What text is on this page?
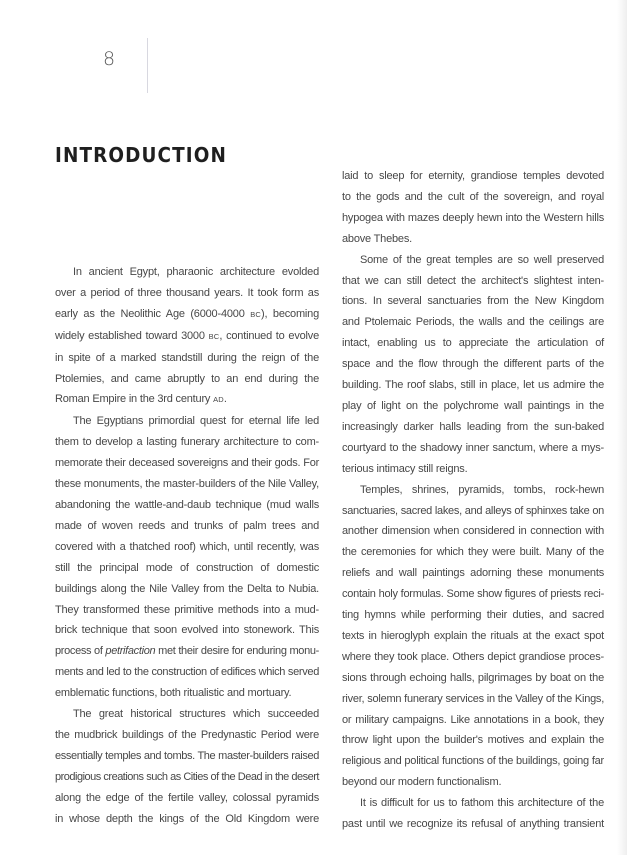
8
INTRODUCTION
In ancient Egypt, pharaonic architecture evolded
over a period of three thousand years. It took form as
early as the Neolithic Age (6000-4000 BC), becoming
widely established toward 3000 BC, continued to evolve
in spite of a marked standstill during the reign of the
Ptolemies, and came abruptly to an end during the
Roman Empire in the 3rd century AD.
The Egyptians primordial quest for eternal life led
them to develop a lasting funerary architecture to com-
memorate their deceased sovereigns and their gods. For
these monuments, the master-builders of the Nile Valley,
abandoning the wattle-and-daub technique (mud walls
made of woven reeds and trunks of palm trees and
covered with a thatched roof) which, until recently, was
still the principal mode of construction of domestic
buildings along the Nile Valley from the Delta to Nubia.
They transformed these primitive methods into a mud-
brick technique that soon evolved into stonework. This
process of petrifaction met their desire for enduring monu-
ments and led to the construction of edifices which served
emblematic functions, both ritualistic and mortuary.
The great historical structures which succeeded
the mudbrick buildings of the Predynastic Period were
essentially temples and tombs. The master-builders raised
prodigious creations such as Cities of the Dead in the desert
along the edge of the fertile valley, colossal pyramids
in whose depth the kings of the Old Kingdom were
laid to sleep for eternity, grandiose temples devoted
to the gods and the cult of the sovereign, and royal
hypogea with mazes deeply hewn into the Western hills
above Thebes.
Some of the great temples are so well preserved
that we can still detect the architect's slightest inten-
tions. In several sanctuaries from the New Kingdom
and Ptolemaic Periods, the walls and the ceilings are
intact, enabling us to appreciate the articulation of
space and the flow through the different parts of the
building. The roof slabs, still in place, let us admire the
play of light on the polychrome wall paintings in the
increasingly darker halls leading from the sun-baked
courtyard to the shadowy inner sanctum, where a mys-
terious intimacy still reigns.
Temples, shrines, pyramids, tombs, rock-hewn
sanctuaries, sacred lakes, and alleys of sphinxes take on
another dimension when considered in connection with
the ceremonies for which they were built. Many of the
reliefs and wall paintings adorning these monuments
contain holy formulas. Some show figures of priests reci-
ting hymns while performing their duties, and sacred
texts in hieroglyph explain the rituals at the exact spot
where they took place. Others depict grandiose proces-
sions through echoing halls, pilgrimages by boat on the
river, solemn funerary services in the Valley of the Kings,
or military campaigns. Like annotations in a book, they
throw light upon the builder's motives and explain the
religious and political functions of the buildings, going far
beyond our modern functionalism.
It is difficult for us to fathom this architecture of the
past until we recognize its refusal of anything transient
